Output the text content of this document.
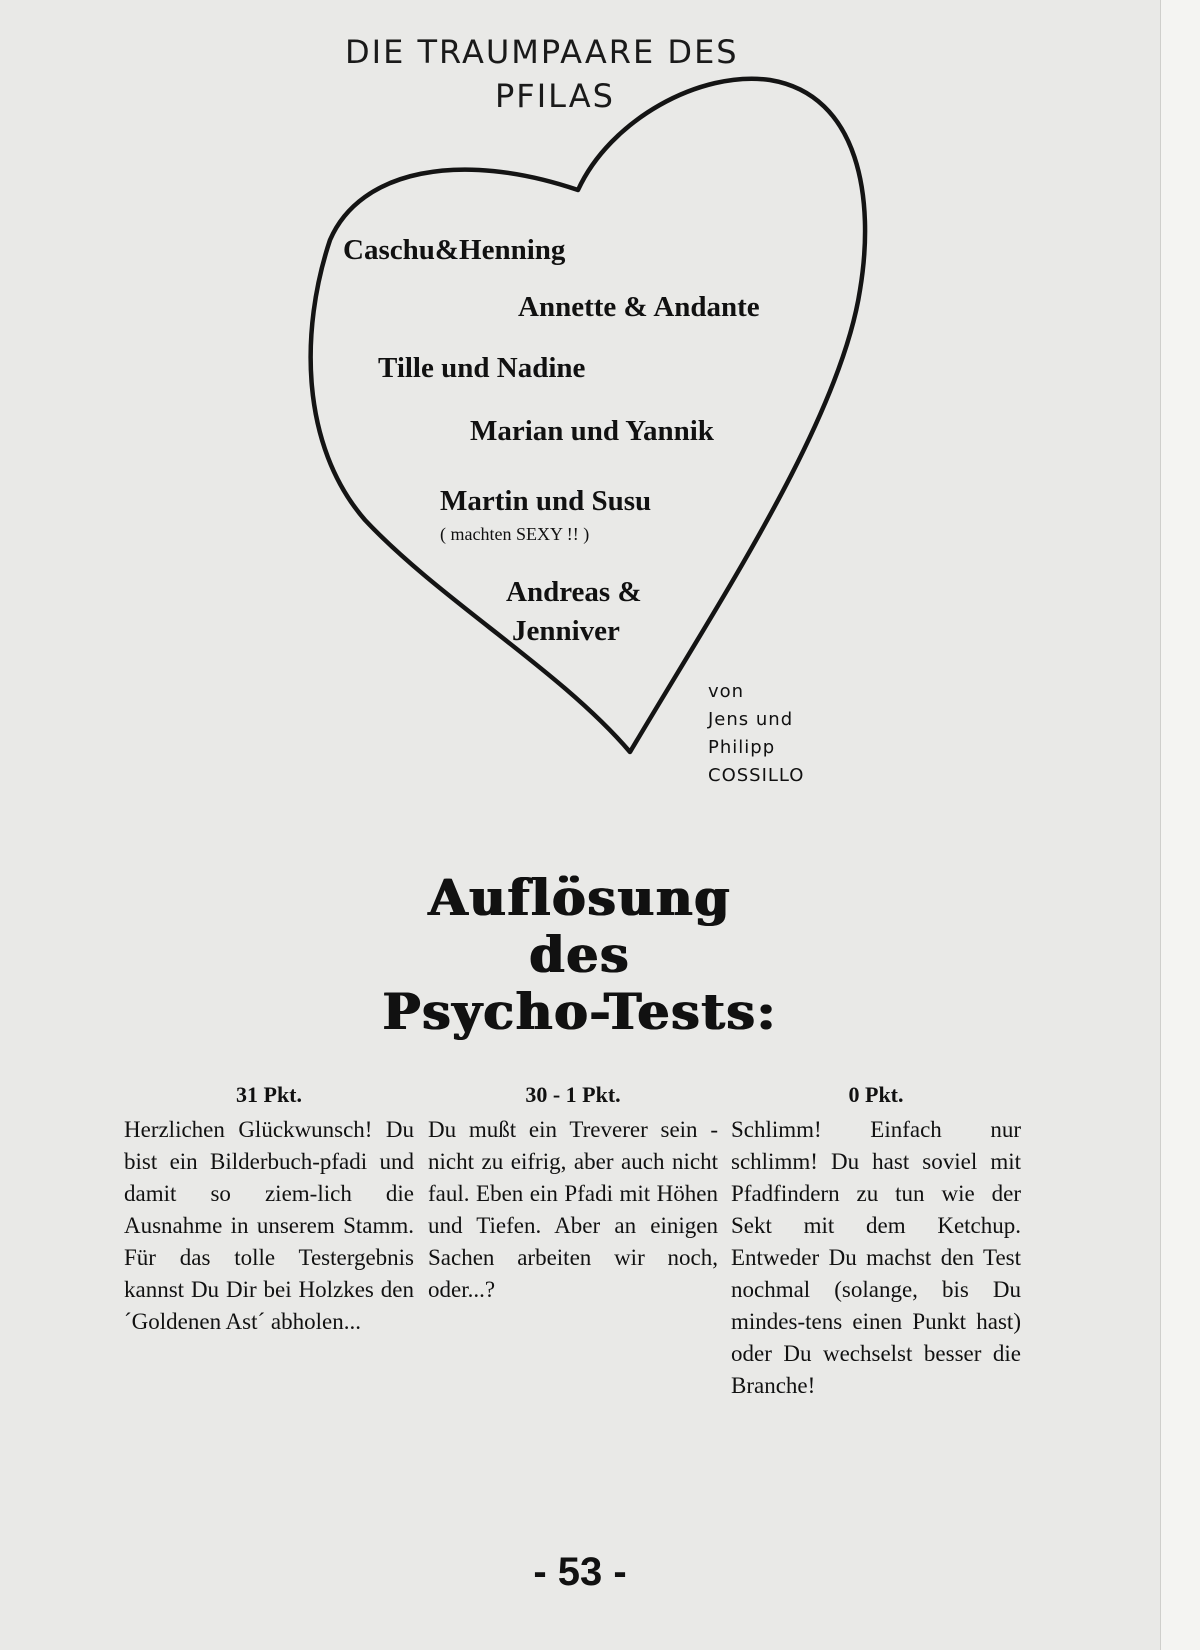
DIE TRAUMPAARE DES
PFILAS
Caschu&Henning
Annette & Andante
Tille und Nadine
Marian und Yannik
Martin und Susu
( machten SEXY !! )
Andreas &
Jenniver
von
Jens und
Philipp
COSSILLO
Auflösung
des
Psycho-Tests:
31 Pkt.
Herzlichen Glückwunsch! Du bist ein Bilderbuch-pfadi und damit so ziem-lich die Ausnahme in unserem Stamm. Für das tolle Testergebnis kannst Du Dir bei Holzkes den ´Goldenen Ast´ abholen...
30 - 1 Pkt.
Du mußt ein Treverer sein - nicht zu eifrig, aber auch nicht faul. Eben ein Pfadi mit Höhen und Tiefen. Aber an einigen Sachen arbeiten wir noch, oder...?
0 Pkt.
Schlimm! Einfach nur schlimm! Du hast soviel mit Pfadfindern zu tun wie der Sekt mit dem Ketchup. Entweder Du machst den Test nochmal (solange, bis Du mindes-tens einen Punkt hast) oder Du wechselst besser die Branche!
- 53 -
